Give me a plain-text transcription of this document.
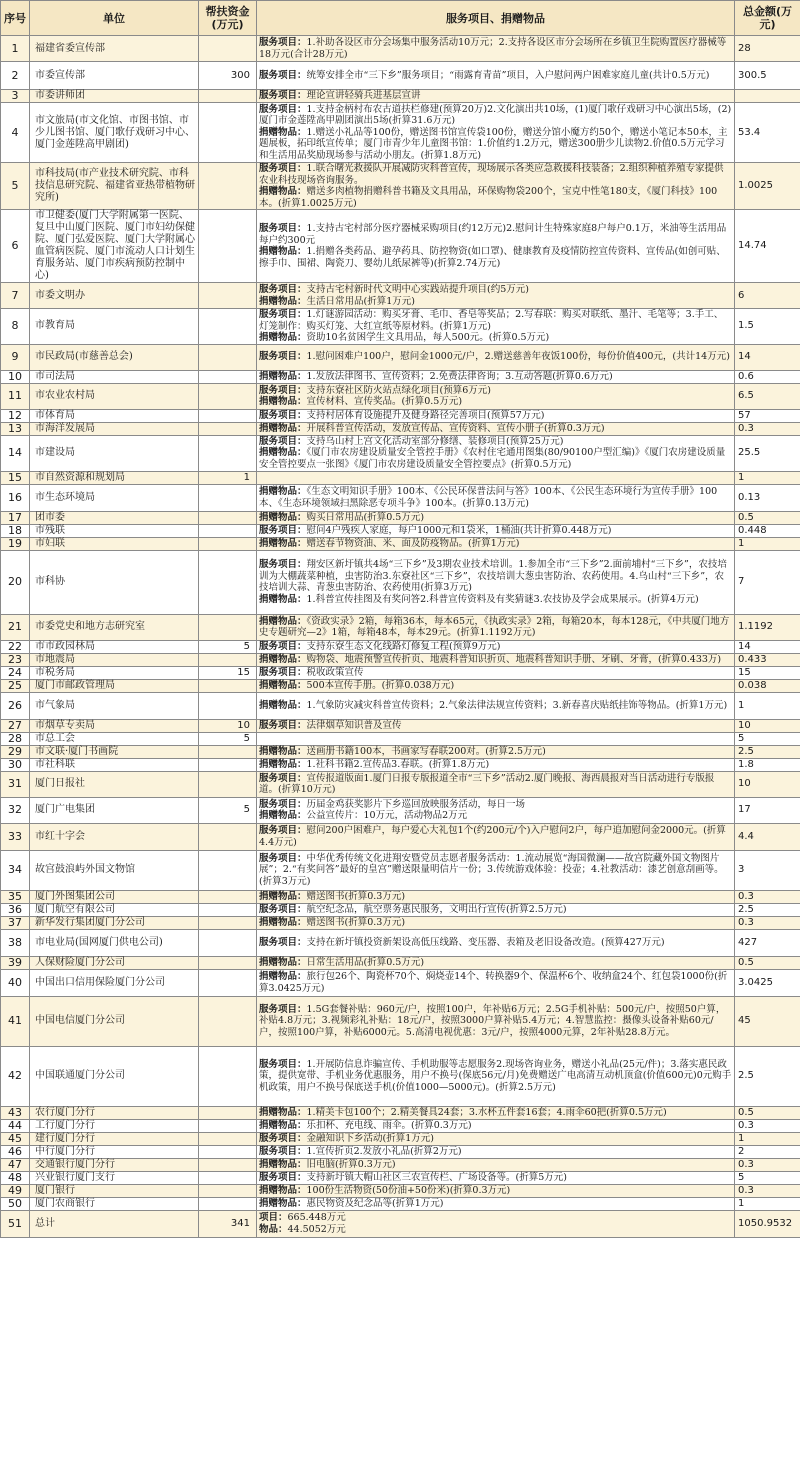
序号	单位	帮扶资金(万元)	服务项目、捐赠物品	总金额(万元)
1	福建省委宣传部		服务项目：1.补助各设区市分会场集中服务活动10万元；2.支持各设区市分会场所在乡镇卫生院购置医疗器械等18万元(合计28万元)	28
2	市委宣传部	300	服务项目：统筹安排全市“三下乡”服务项目；“雨露育青苗”项目，入户慰问两户困难家庭儿童(共计0.5万元)	300.5
3	市委讲师团		服务项目：理论宣讲轻骑兵进基层宣讲	
4	市文旅局(市文化馆、市图书馆、市少儿图书馆、厦门歌仔戏研习中心、厦门金莲陞高甲剧团)		服务项目：1.支持金柄村布农古道扶栏修建(预算20万)2.文化演出共10场，(1)厦门歌仔戏研习中心演出5场，(2)厦门市金莲陞高甲剧团演出5场(折算31.6万元)
捐赠物品：1.赠送小礼品等100份，赠送图书馆宣传袋100份，赠送分馆小魔方约50个，赠送小笔记本50本，主题展板，拓印纸宣传单；厦门市青少年儿童图书馆：1.价值约1.2万元，赠送300册少儿读物2.价值0.5万元学习和生活用品奖励现场参与活动小朋友。(折算1.8万元)	53.4
5	市科技局(市产业技术研究院、市科技信息研究院、福建省亚热带植物研究所)		服务项目：1.联合曙光救援队开展减防灾科普宣传，现场展示各类应急救援科技装备；2.组织种植养殖专家提供农业科技现场咨询服务。
捐赠物品：赠送多肉植物捐赠科普书籍及文具用品，环保购物袋200个，宝克中性笔180支，《厦门科技》100本。(折算1.0025万元)	1.0025
6	市卫健委(厦门大学附属第一医院、复旦中山厦门医院、厦门市妇幼保健院、厦门弘爱医院、厦门大学附属心血管病医院、厦门市流动人口计划生育服务站、厦门市疾病预防控制中心)		服务项目：1.支持古宅村部分医疗器械采购项目(约12万元)2.慰问计生特殊家庭8户每户0.1万，米油等生活用品每户约300元
捐赠物品：1.捐赠各类药品、避孕药具、防控物资(如口罩)、健康教育及疫情防控宣传资料、宣传品(如创可贴、擦手巾、围裙、陶瓷刀、婴幼儿纸尿裤等)(折算2.74万元)	14.74
7	市委文明办		服务项目：支持古宅村新时代文明中心实践站提升项目(约5万元)
捐赠物品：生活日常用品(折算1万元)	6
8	市教育局		服务项目：1.灯谜游园活动：购买牙膏、毛巾、香皂等奖品；2.写春联：购买对联纸、墨汁、毛笔等；3.手工、灯笼制作：购买灯笼、大红宣纸等原材料。(折算1万元)
捐赠物品：资助10名贫困学生文具用品，每人500元。(折算0.5万元)	1.5
9	市民政局(市慈善总会)		服务项目：1.慰问困难户100户，慰问金1000元/户，2.赠送慈善年夜饭100份，每份价值400元，(共计14万元)	14
10	市司法局		捐赠物品：1.发放法律图书、宣传资料；2.免费法律咨询；3.互动答题(折算0.6万元)	0.6
11	市农业农村局		服务项目：支持东寮社区防火站点绿化项目(预算6万元)
捐赠物品：宣传材料、宣传奖品。(折算0.5万元)	6.5
12	市体育局		服务项目：支持村居体育设施提升及健身路径完善项目(预算57万元)	57
13	市海洋发展局		捐赠物品：开展科普宣传活动，发放宣传品、宣传资料、宣传小册子(折算0.3万元)	0.3
14	市建设局		服务项目：支持乌山村上宫文化活动室部分修缮、装修项目(预算25万元)
捐赠物品：《厦门市农房建设质量安全管控手册》《农村住宅通用图集(80/90100户型汇编)》《厦门农房建设质量安全管控要点一张图》《厦门市农房建设质量安全管控要点》(折算0.5万元)	25.5
15	市自然资源和规划局	1		1
16	市生态环境局		捐赠物品：《生态文明知识手册》100本、《公民环保普法问与答》100本、《公民生态环境行为宣传手册》100本、《生态环境领域扫黑除恶专项斗争》100本。(折算0.13万元)	0.13
17	团市委		捐赠物品：购买日常用品(折算0.5万元)	0.5
18	市残联		服务项目：慰问4户残疾人家庭，每户1000元和1袋米，1桶油(共计折算0.448万元)	0.448
19	市妇联		捐赠物品：赠送春节物资油、米、面及防疫物品。(折算1万元)	1
20	市科协		服务项目：翔安区新圩镇共4场“三下乡”及3期农业技术培训。1.参加全市“三下乡”2.面前埔村“三下乡”，农技培训为大棚蔬菜种植，虫害防治3.东寮社区“三下乡”，农技培训大葱虫害防治、农药使用。4.乌山村“三下乡”，农技培训大蒜、青葱虫害防治、农药使用(折算3万元)
捐赠物品：1.科普宣传挂图及有奖问答2.科普宣传资料及有奖猜谜3.农技协及学会成果展示。(折算4万元)	7
21	市委党史和地方志研究室		捐赠物品：《资政实录》2箱，每箱36本，每本65元，《执政实录》2箱，每箱20本，每本128元，《中共厦门地方史专题研究—2》1箱，每箱48本，每本29元。(折算1.1192万元)	1.1192
22	市市政园林局	5	服务项目：支持东寮生态文化线路灯修复工程(预算9万元)	14
23	市地震局		捐赠物品：购物袋、地震预警宣传折页、地震科普知识折页、地震科普知识手册、牙刷、牙膏，(折算0.433万)	0.433
24	市税务局	15	服务项目：税收政策宣传	15
25	厦门市邮政管理局		捐赠物品：500本宣传手册。(折算0.038万元)	0.038
26	市气象局		捐赠物品：1.气象防灾减灾科普宣传资料；2.气象法律法规宣传资料；3.新春喜庆贴纸挂饰等物品。(折算1万元)	1
27	市烟草专卖局	10	服务项目：法律烟草知识普及宣传	10
28	市总工会	5		5
29	市文联·厦门书画院		捐赠物品：送画册书籍100本，书画家写春联200对。(折算2.5万元)	2.5
30	市社科联		捐赠物品：1.社科书籍2.宣传品3.春联。(折算1.8万元)	1.8
31	厦门日报社		服务项目：宣传报道版面1.厦门日报专版报道全市“三下乡”活动2.厦门晚报、海西晨报对当日活动进行专版报道。(折算10万元)	10
32	厦门广电集团	5	服务项目：历届金鸡获奖影片下乡巡回放映服务活动，每日一场
捐赠物品：公益宣传片：10万元，活动物品2万元	17
33	市红十字会		服务项目：慰问200户困难户，每户爱心大礼包1个(约200元/个)入户慰问2户，每户追加慰问金2000元。(折算4.4万元)	4.4
34	故宫鼓浪屿外国文物馆		服务项目：中华优秀传统文化进翔安暨党员志愿者服务活动：1.流动展览“海国微澜——故宫院藏外国文物图片展”；2.“有奖问答”最好的皇宫”赠送限量明信片一份；3.传统游戏体验：投壶；4.社教活动：漆艺创意刮画等。(折算3万元)	3
35	厦门外图集团公司		捐赠物品：赠送图书(折算0.3万元)	0.3
36	厦门航空有限公司		服务项目：航空纪念品，航空票务惠民服务，文明出行宣传(折算2.5万元)	2.5
37	新华发行集团厦门分公司		捐赠物品：赠送图书(折算0.3万元)	0.3
38	市电业局(国网厦门供电公司)		服务项目：支持在新圩镇投资新架设高低压线路、变压器、表箱及老旧设备改造。(预算427万元)	427
39	人保财险厦门分公司		捐赠物品：日常生活用品(折算0.5万元)	0.5
40	中国出口信用保险厦门分公司		捐赠物品：旅行包26个、陶瓷杯70个、焖烧壶14个、转换器9个、保温杯6个、收纳盒24个、红包袋1000份(折算3.0425万元)	3.0425
41	中国电信厦门分公司		服务项目：1.5G套餐补贴：960元/户，按照100户，年补贴6万元；2.5G手机补贴：500元/户，按照50户算，补贴4.8万元；3.视频彩礼补贴：18元/户，按照3000户算补贴5.4万元；4.智慧监控：摄像头设备补贴60元/户，按照100户算，补贴6000元。5.高清电视优惠：3元/户，按照4000元算，2年补贴28.8万元。	45
42	中国联通厦门分公司		服务项目：1.开展防信息诈骗宣传、手机助服等志愿服务2.现场咨询业务，赠送小礼品(25元/件)；3.落实惠民政策，提供宽带、手机业务优惠服务，用户不换号(保底56元/月)免费赠送广电高清互动机顶盒(价值600元)0元购手机政策，用户不换号保底送手机(价值1000—5000元)。(折算2.5万元)	2.5
43	农行厦门分行		捐赠物品：1.精美卡包100个；2.精美餐具24套；3.水杯五件套16套；4.雨伞60把(折算0.5万元)	0.5
44	工行厦门分行		捐赠物品：乐扣杯、充电线、雨伞。(折算0.3万元)	0.3
45	建行厦门分行		服务项目：金融知识下乡活动(折算1万元)	1
46	中行厦门分行		服务项目：1.宣传折页2.发放小礼品(折算2万元)	2
47	交通银行厦门分行		捐赠物品：旧电脑(折算0.3万元)	0.3
48	兴业银行厦门支行		服务项目：支持新圩镇大帽山社区三农宣传栏、广场设备等。(折算5万元)	5
49	厦门银行		捐赠物品：100份生活物资(50份油+50份米)(折算0.3万元)	0.3
50	厦门农商银行		捐赠物品：惠民物资及纪念品等(折算1万元)	1
51	总计	341	项目：665.448万元
物品：44.5052万元	1050.9532
